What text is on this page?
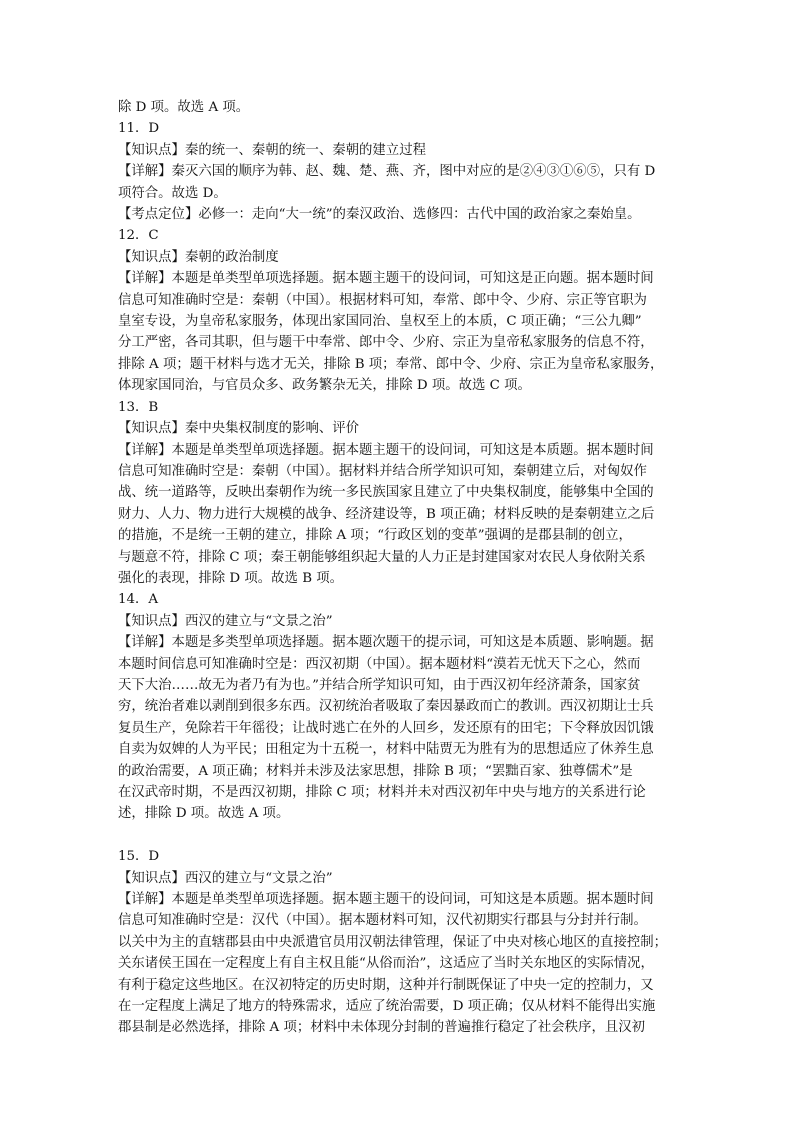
除 D 项。故选 A 项。
11．D
【知识点】秦的统一、秦朝的统一、秦朝的建立过程
【详解】秦灭六国的顺序为韩、赵、魏、楚、燕、齐，图中对应的是②④③①⑥⑤，只有 D
项符合。故选 D。
【考点定位】必修一：走向“大一统”的秦汉政治、选修四：古代中国的政治家之秦始皇。
12．C
【知识点】秦朝的政治制度
【详解】本题是单类型单项选择题。据本题主题干的设问词，可知这是正向题。据本题时间
信息可知准确时空是：秦朝（中国）。根据材料可知，奉常、郎中令、少府、宗正等官职为
皇室专设，为皇帝私家服务，体现出家国同治、皇权至上的本质，C 项正确；“三公九卿”
分工严密，各司其职，但与题干中奉常、郎中令、少府、宗正为皇帝私家服务的信息不符，
排除 A 项；题干材料与选才无关，排除 B 项；奉常、郎中令、少府、宗正为皇帝私家服务，
体现家国同治，与官员众多、政务繁杂无关，排除 D 项。故选 C 项。
13．B
【知识点】秦中央集权制度的影响、评价
【详解】本题是单类型单项选择题。据本题主题干的设问词，可知这是本质题。据本题时间
信息可知准确时空是：秦朝（中国）。据材料并结合所学知识可知，秦朝建立后，对匈奴作
战、统一道路等，反映出秦朝作为统一多民族国家且建立了中央集权制度，能够集中全国的
财力、人力、物力进行大规模的战争、经济建设等，B 项正确；材料反映的是秦朝建立之后
的措施，不是统一王朝的建立，排除 A 项；“行政区划的变革”强调的是郡县制的创立，
与题意不符，排除 C 项；秦王朝能够组织起大量的人力正是封建国家对农民人身依附关系
强化的表现，排除 D 项。故选 B 项。
14．A
【知识点】西汉的建立与“文景之治”
【详解】本题是多类型单项选择题。据本题次题干的提示词，可知这是本质题、影响题。据
本题时间信息可知准确时空是：西汉初期（中国）。据本题材料“漠若无忧天下之心，然而
天下大治……故无为者乃有为也。”并结合所学知识可知，由于西汉初年经济萧条，国家贫
穷，统治者难以剥削到很多东西。汉初统治者吸取了秦因暴政而亡的教训。西汉初期让士兵
复员生产，免除若干年徭役；让战时逃亡在外的人回乡，发还原有的田宅；下令释放因饥饿
自卖为奴婢的人为平民；田租定为十五税一，材料中陆贾无为胜有为的思想适应了休养生息
的政治需要，A 项正确；材料并未涉及法家思想，排除 B 项；“罢黜百家、独尊儒术”是
在汉武帝时期，不是西汉初期，排除 C 项；材料并未对西汉初年中央与地方的关系进行论
述，排除 D 项。故选 A 项。
15．D
【知识点】西汉的建立与“文景之治”
【详解】本题是单类型单项选择题。据本题主题干的设问词，可知这是本质题。据本题时间
信息可知准确时空是：汉代（中国）。据本题材料可知，汉代初期实行郡县与分封并行制。
以关中为主的直辖郡县由中央派遣官员用汉朝法律管理，保证了中央对核心地区的直接控制；
关东诸侯王国在一定程度上有自主权且能“从俗而治”，这适应了当时关东地区的实际情况，
有利于稳定这些地区。在汉初特定的历史时期，这种并行制既保证了中央一定的控制力，又
在一定程度上满足了地方的特殊需求，适应了统治需要，D 项正确；仅从材料不能得出实施
郡县制是必然选择，排除 A 项；材料中未体现分封制的普遍推行稳定了社会秩序，且汉初
